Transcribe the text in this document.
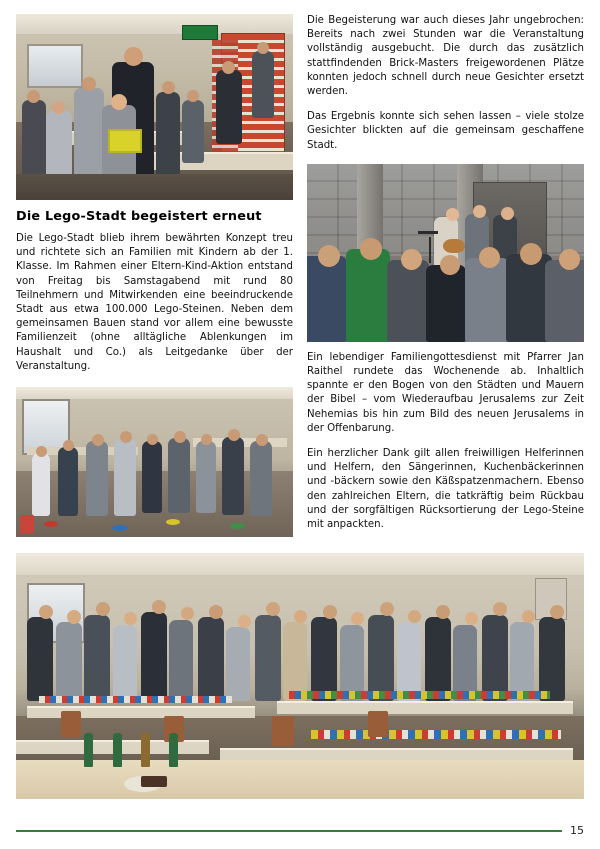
Die Lego-Stadt begeistert erneut

Die Lego-Stadt blieb ihrem bewährten Konzept treu und richtete sich an Familien mit Kindern ab der 1. Klasse. Im Rahmen einer Eltern-Kind-Aktion entstand von Freitag bis Samstagabend mit rund 80 Teilnehmern und Mitwirkenden eine beeindruckende Stadt aus etwa 100.000 Lego-Steinen. Neben dem gemeinsamen Bauen stand vor allem eine bewusste Familienzeit (ohne alltägliche Ablenkungen im Haushalt und Co.) als Leitgedanke über der Veranstaltung.

Die Begeisterung war auch dieses Jahr ungebrochen: Bereits nach zwei Stunden war die Veranstaltung vollständig ausgebucht. Die durch das zusätzlich stattfindenden Brick-Masters freigewordenen Plätze konnten jedoch schnell durch neue Gesichter ersetzt werden.

Das Ergebnis konnte sich sehen lassen – viele stolze Gesichter blickten auf die gemeinsam geschaffene Stadt.

Ein lebendiger Familiengottesdienst mit Pfarrer Jan Raithel rundete das Wochenende ab. Inhaltlich spannte er den Bogen von den Städten und Mauern der Bibel – vom Wiederaufbau Jerusalems zur Zeit Nehemias bis hin zum Bild des neuen Jerusalems in der Offenbarung.

Ein herzlicher Dank gilt allen freiwilligen Helferinnen und Helfern, den Sängerinnen, Kuchenbäckerinnen und -bäckern sowie den Käßspatzenmachern. Ebenso den zahlreichen Eltern, die tatkräftig beim Rückbau und der sorgfältigen Rücksortierung der Lego-Steine mit anpackten.

15
